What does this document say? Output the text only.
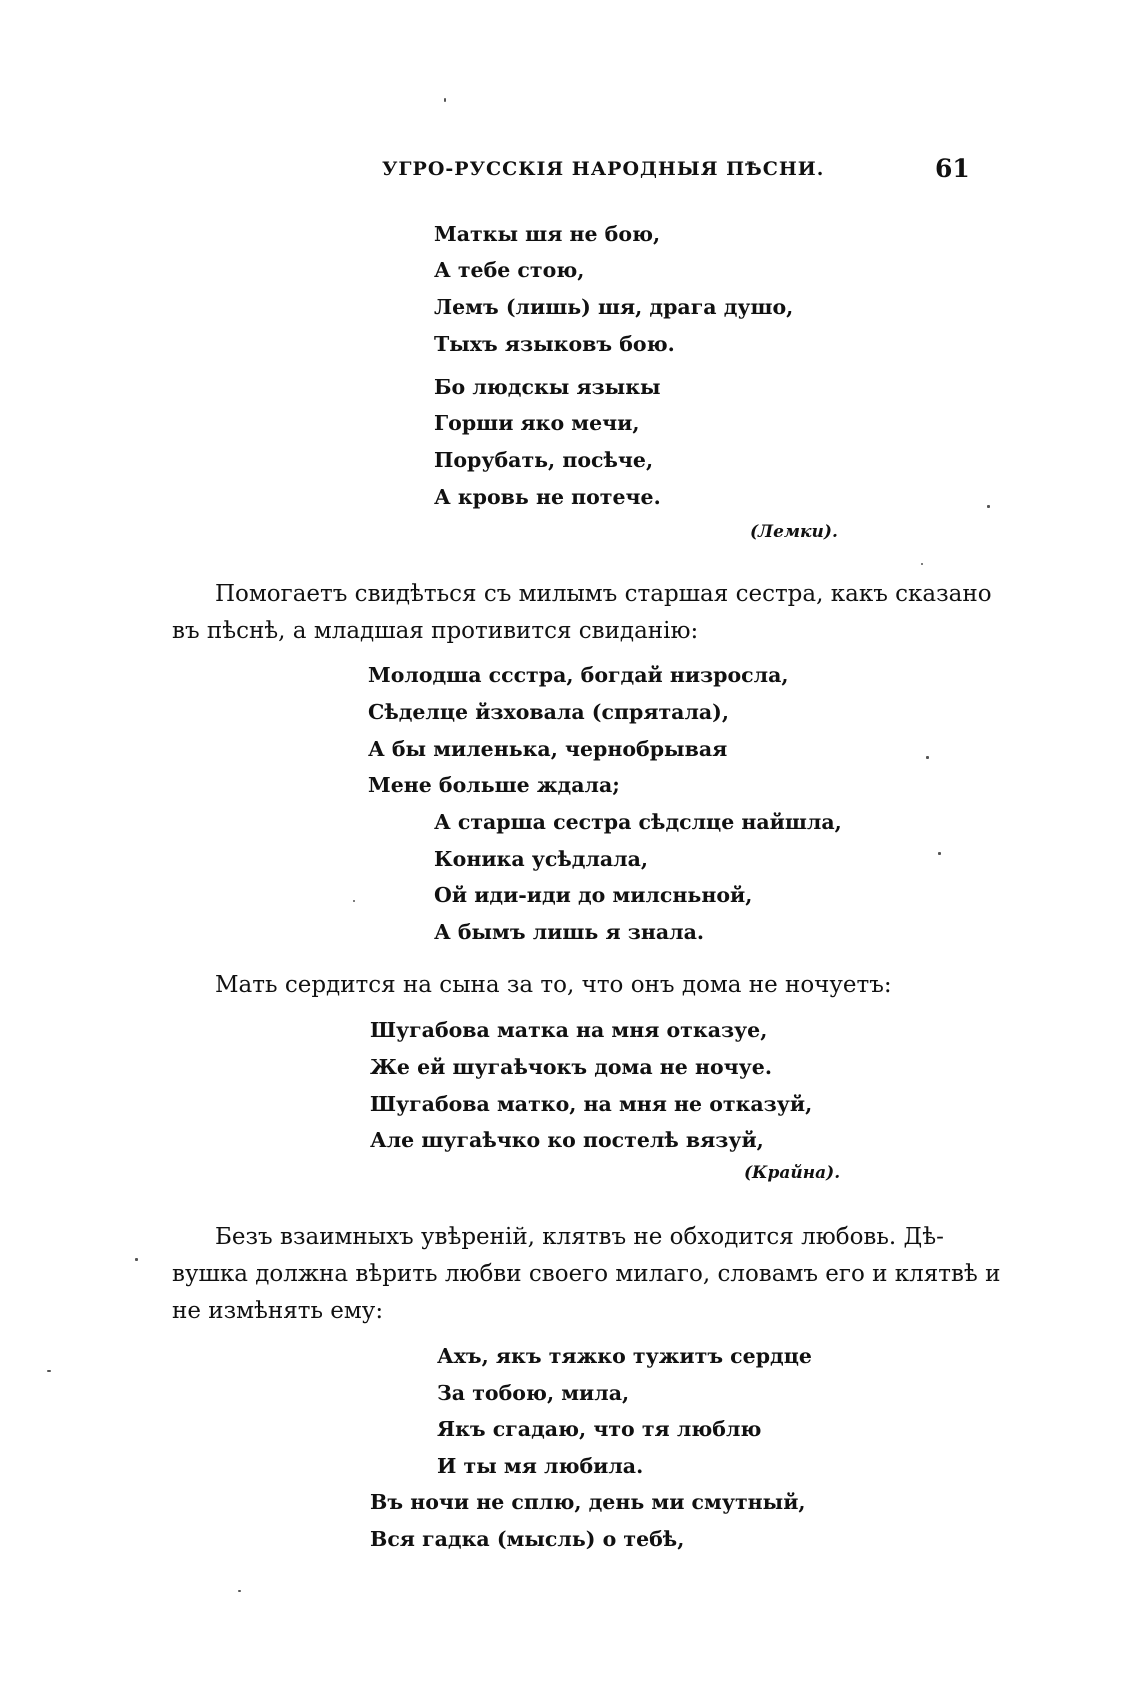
УГРО-РУССКІЯ НАРОДНЫЯ ПѢСНИ.	61
Маткы шя не бою,
А тебе стою,
Лемъ (лишь) шя, драга душо,
Тыхъ языковъ бою.
Бо людскы языкы
Горши яко мечи,
Порубать, посѣче,
А кровь не потече.
(Лемки).
Помогаетъ свидѣться съ милымъ старшая сестра, какъ сказано
въ пѣснѣ, а младшая противится свиданію:
Молодша ссстра, богдай низросла,
Сѣделце йзховала (спрятала),
А бы миленька, чернобрывая
Мене больше ждала;
А старша сестра сѣдслце найшла,
Коника усѣдлала,
Ой иди-иди до милсньной,
А бымъ лишь я знала.
Мать сердится на сына за то, что онъ дома не ночуетъ:
Шугабова матка на мня отказуе,
Же ей шугаѣчокъ дома не ночуе.
Шугабова матко, на мня не отказуй,
Але шугаѣчко ко постелѣ вязуй,
(Крайна).
Безъ взаимныхъ увѣреній, клятвъ не обходится любовь. Дѣ-
вушка должна вѣрить любви своего милаго, словамъ его и клятвѣ и
не измѣнять ему:
Ахъ, якъ тяжко тужитъ сердце
За тобою, мила,
Якъ сгадаю, что тя люблю
И ты мя любила.
Въ ночи не сплю, день ми смутный,
Вся гадка (мысль) о тебѣ,
